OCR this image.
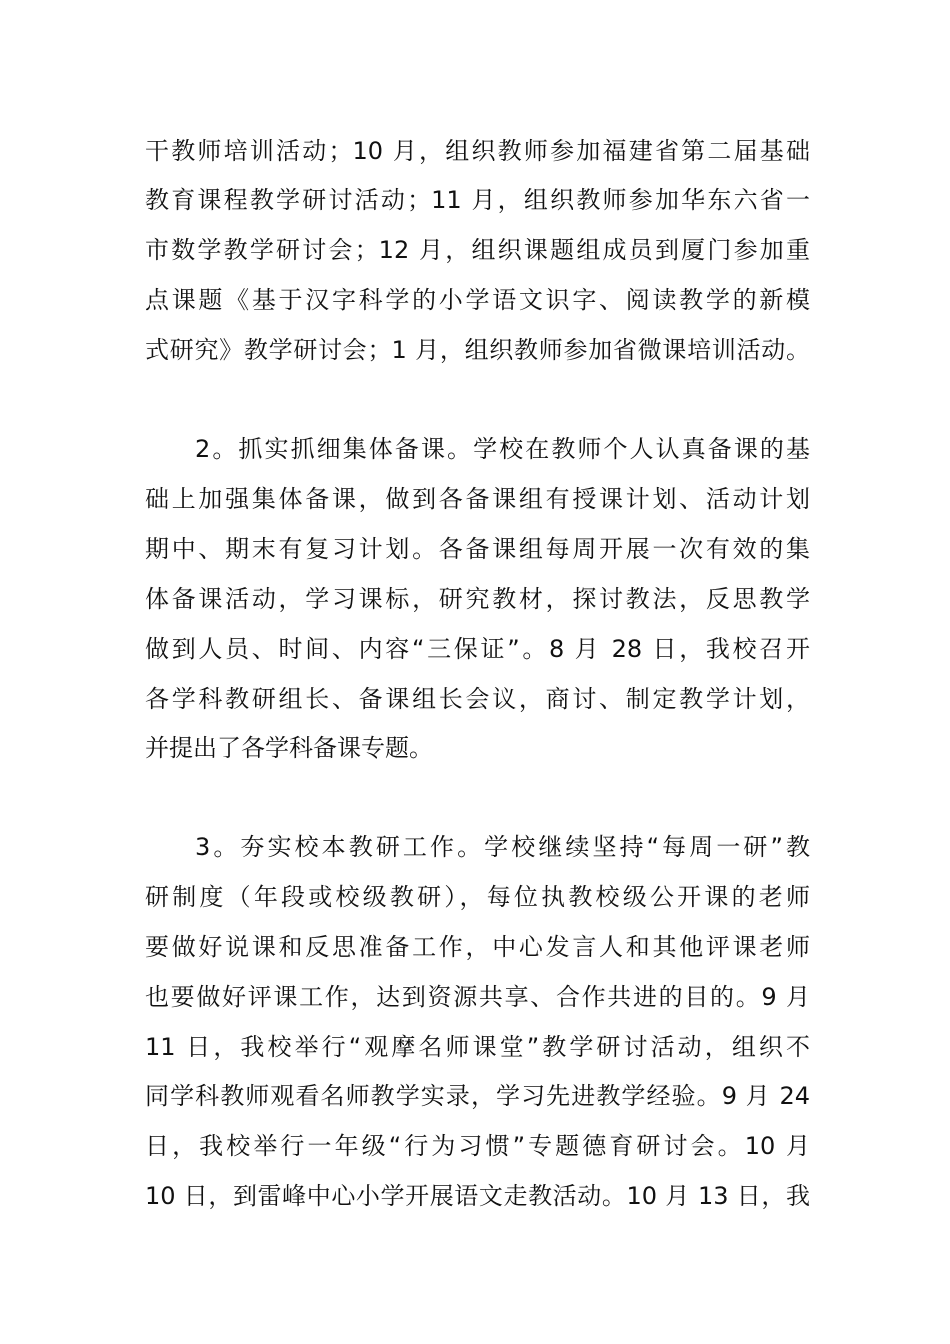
干教师培训活动；10 月，组织教师参加福建省第二届基础
教育课程教学研讨活动；11 月，组织教师参加华东六省一
市数学教学研讨会；12 月，组织课题组成员到厦门参加重
点课题《基于汉字科学的小学语文识字、阅读教学的新模
式研究》教学研讨会；1 月，组织教师参加省微课培训活动。
2。抓实抓细集体备课。学校在教师个人认真备课的基
础上加强集体备课，做到各备课组有授课计划、活动计划
期中、期末有复习计划。各备课组每周开展一次有效的集
体备课活动，学习课标，研究教材，探讨教法，反思教学
做到人员、时间、内容“三保证”。8 月 28 日，我校召开
各学科教研组长、备课组长会议，商讨、制定教学计划，
并提出了各学科备课专题。
3。夯实校本教研工作。学校继续坚持“每周一研”教
研制度（年段或校级教研），每位执教校级公开课的老师
要做好说课和反思准备工作，中心发言人和其他评课老师
也要做好评课工作，达到资源共享、合作共进的目的。9 月
11 日，我校举行“观摩名师课堂”教学研讨活动，组织不
同学科教师观看名师教学实录，学习先进教学经验。9 月 24
日，我校举行一年级“行为习惯”专题德育研讨会。10 月
10 日，到雷峰中心小学开展语文走教活动。10 月 13 日，我
